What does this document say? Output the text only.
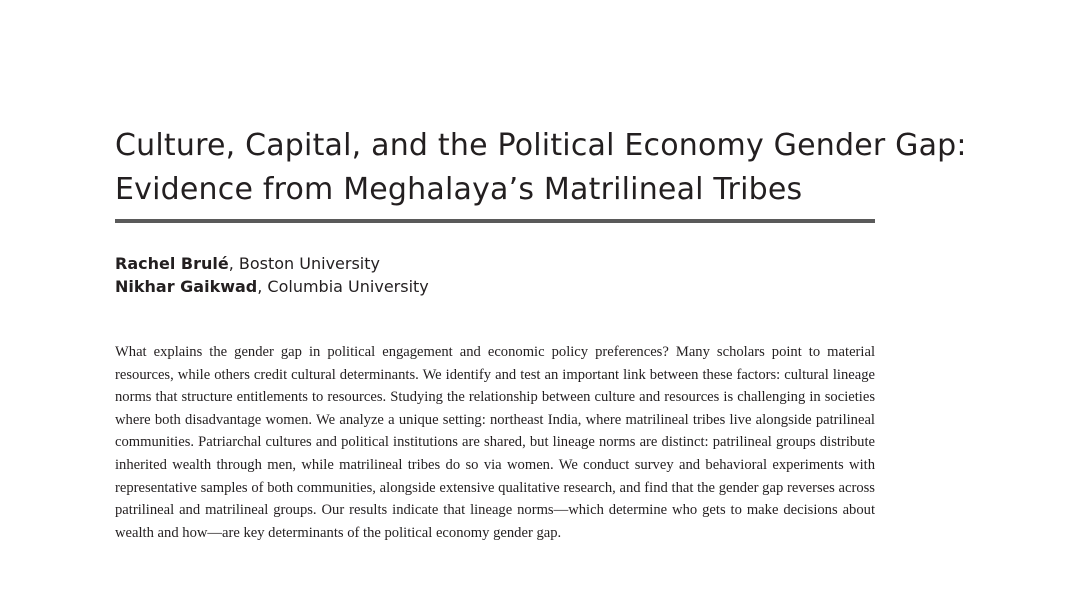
Culture, Capital, and the Political Economy Gender Gap:
Evidence from Meghalaya’s Matrilineal Tribes
Rachel Brulé, Boston University
Nikhar Gaikwad, Columbia University

What explains the gender gap in political engagement and economic policy preferences? Many scholars point to material resources, while others credit cultural determinants. We identify and test an important link between these factors: cultural lineage norms that structure entitlements to resources. Studying the relationship between culture and resources is challenging in societies where both disadvantage women. We analyze a unique setting: northeast India, where matrilineal tribes live alongside patrilineal communities. Patriarchal cultures and political institutions are shared, but lineage norms are distinct: patrilineal groups distribute inherited wealth through men, while matrilineal tribes do so via women. We conduct survey and behavioral experiments with representative samples of both communities, alongside extensive qualitative research, and find that the gender gap reverses across patrilineal and matrilineal groups. Our results indicate that lineage norms—which determine who gets to make decisions about wealth and how—are key determinants of the political economy gender gap.
